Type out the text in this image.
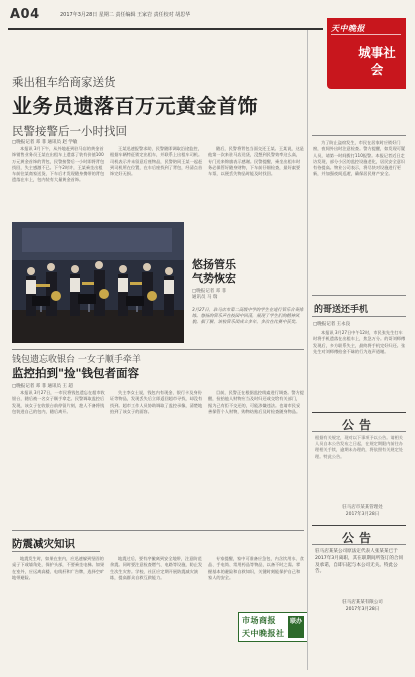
A04	2017年3月28日 星期二 责任编辑 王家岩 责任校对 胡思华
天中晚报
城事社会
乘出租车给商家送货
业务员遗落百万元黄金首饰
民警接警后一小时找回
□晚报记者 邓 菲 通讯员 赵 学敏

本报讯 3月下午，从外地赶到驻马店的黄金首饰销售业务员王某在出租车上遗落了装有价值100万元黄金首饰的背包，民警接警后一小时即将背包找回，失主感激不已。下午2时许，王某乘坐出租车前往某商家送货，下车后才发现随身携带的背包遗落在车上，包内装有大量黄金首饰。

王某迅速报警求助，民警随即调取沿途监控，根据车辆特征锁定出租车，并联系上出租车司机。司机表示并未留意后座物品，民警陪同王某一起赶到司机所在位置，在车后座找到了背包，经清点首饰完好无损。

随后，民警将背包当面交还王某。王某说，这是他第一次来驻马店送货，没想到民警效率这么高，专门送来锦旗表示感谢。民警提醒，乘坐出租车时务必保管好随身财物，下车前仔细检查，最好索要车票，以便丢失物品时能及时找回。

悠扬管乐
气势恢宏
□晚报记者 邓 菲
通讯员 马 瑞
3月27日，驻马店市第二高级中学的学生在进行管乐合奏排练。悠扬的管乐声在校园中回荡，展现了学生们的精神风貌。据了解，该校管乐团成立多年，多次在比赛中获奖。
钱包遗忘收银台 一女子顺手牵羊
监控拍到"捡"钱包者面容
□晚报记者 邓 菲 通讯员 王 超

本报讯 3月27日，一市民将钱包遗忘在超市收银台，随后被一名女子顺手拿走。民警调取监控后发现，该女子在收银台前停留片刻，趁人不备将钱包装进自己的包内，随后离开。

失主李女士说，钱包内有现金、银行卡及身份证等物品，发现丢失后立即返回超市寻找，却没有找到。超市工作人员协助调取了监控录像，清楚地拍到了该女子的面容。

目前，民警正在根据监控线索进行调查。警方提醒，捡拾他人财物应当及时归还或交给有关部门，据为己有拒不交还的，可能涉嫌违法。也请市民妥善保管个人财物，购物结账后及时检查随身物品。

防震减灾知识

地震发生时，如果在室内，应迅速躲到坚固的桌子下或墙角处，保护头部，不要乘坐电梯。如果在室外，应远离高楼、电线杆和广告牌，选择空旷地带避险。

地震过后，要有序撤离到安全地带，注意防范余震。同时要注意检查燃气、电路等设施，防止发生次生灾害。学校、社区应定期开展防震减灾演练，提高群众自救互救能力。

专家提醒，家中可准备应急包，内含饮用水、食品、手电筒、常用药品等物品，以备不时之需。掌握基本的避险和自救知识，关键时刻能保护自己和家人的安全。

市场商报
天中晚报社
联办

为了防止盗窃发生，市民在居家时应锁好门窗，夜间外出时注意检查。警方提醒，如发现可疑人员，请第一时间拨打110报警。本报记者近日走访发现，部分小区的监控设施老化，居民安全意识有待提高。物业公司表示，将尽快对设施进行更新，并加强夜间巡逻，确保居民财产安全。

的哥送还手机
□晚报记者 王永良

本报讯 3月27日中午12时，市民张先生打车时将手机遗落在出租车上，焦急万分。的哥刘师傅发现后，多方联系失主，最终将手机完好归还。张先生对刘师傅拾金不昧的行为连声道谢。

公告
根据有关规定，现对以下事项予以公告。请相关人员自本公告发布之日起，在规定期限内前往办理相关手续，逾期未办理的，将依照有关规定处理。特此公告。
驻马店市某某管理处
2017年3月28日
公告
驻马店某某公司原法定代表人张某某已于2017年3月离职，其在职期间所签订的合同及承诺，自即日起与本公司无关。特此公告。
驻马店某某有限公司
2017年3月28日
